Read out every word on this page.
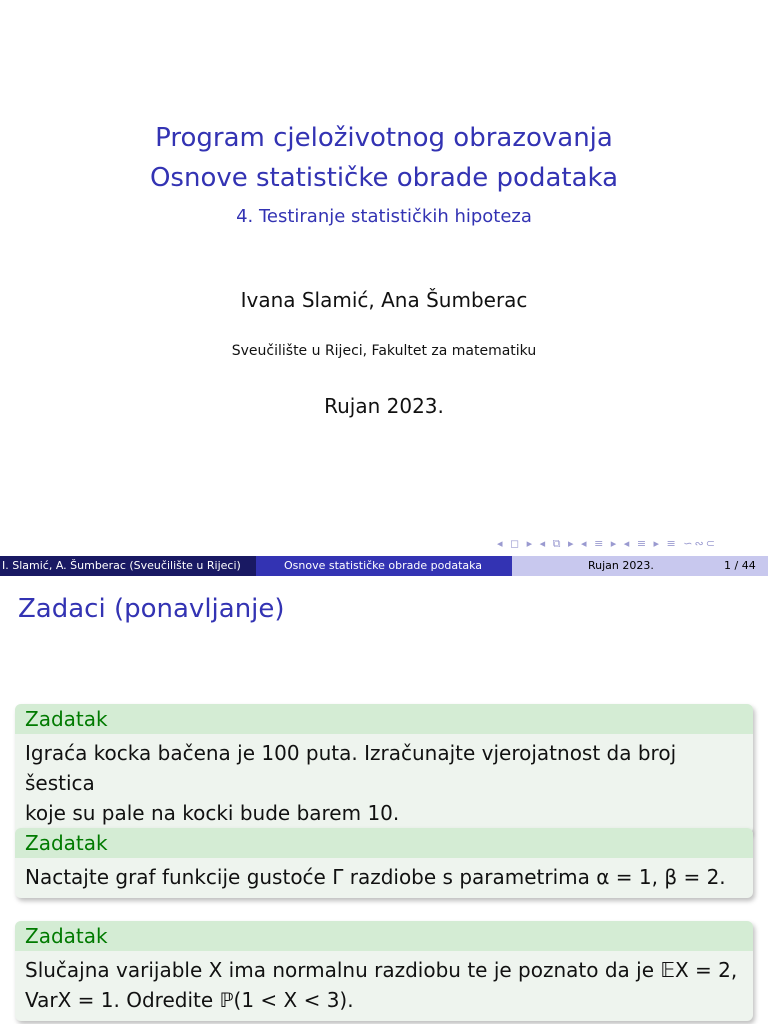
Program cjeloživotnog obrazovanja
Osnove statističke obrade podataka
4. Testiranje statističkih hipoteza
Ivana Slamić, Ana Šumberac
Sveučilište u Rijeci, Fakultet za matematiku
Rujan 2023.
◂ ◻ ▸ ◂ ⧉ ▸ ◂ ≡ ▸ ◂ ≡ ▸ ≡ ∽∾⊂
I. Slamić, A. Šumberac (Sveučilište u Rijeci)	Osnove statističke obrade podataka	Rujan 2023.	1 / 44
Zadaci (ponavljanje)
Zadatak
Igraća kocka bačena je 100 puta. Izračunajte vjerojatnost da broj šestica
koje su pale na kocki bude barem 10.
Zadatak
Nactajte graf funkcije gustoće Γ razdiobe s parametrima α = 1, β = 2.
Zadatak
Slučajna varijable X ima normalnu razdiobu te je poznato da je 𝔼X = 2,
VarX = 1. Odredite ℙ(1 < X < 3).
